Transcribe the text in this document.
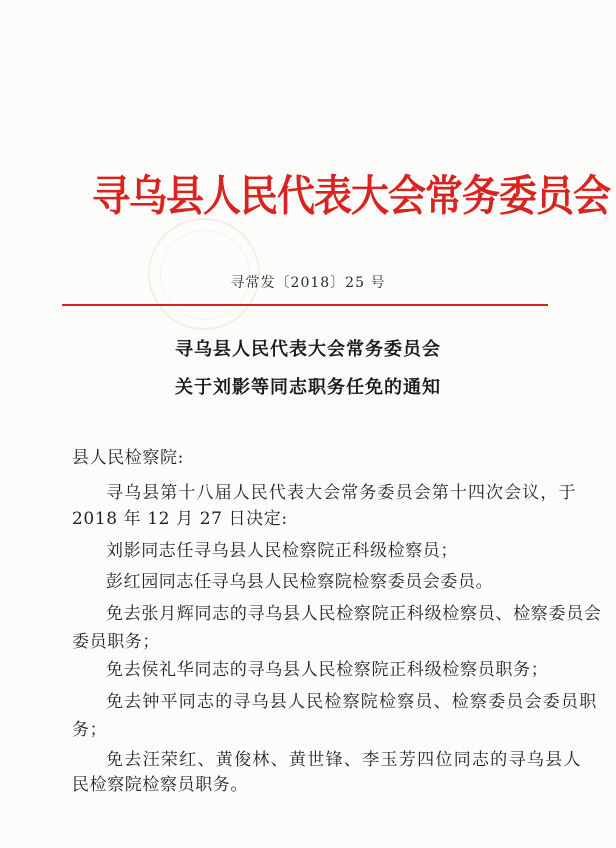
寻乌县人民代表大会常务委员会
寻常发〔2018〕25 号
寻乌县人民代表大会常务委员会
关于刘影等同志职务任免的通知
县人民检察院:
寻乌县第十八届人民代表大会常务委员会第十四次会议，于
2018 年 12 月 27 日决定:
刘影同志任寻乌县人民检察院正科级检察员；
彭红园同志任寻乌县人民检察院检察委员会委员。
免去张月辉同志的寻乌县人民检察院正科级检察员、检察委员会
委员职务；
免去侯礼华同志的寻乌县人民检察院正科级检察员职务；
免去钟平同志的寻乌县人民检察院检察员、检察委员会委员职
务；
免去汪荣红、黄俊林、黄世锋、李玉芳四位同志的寻乌县人
民检察院检察员职务。
